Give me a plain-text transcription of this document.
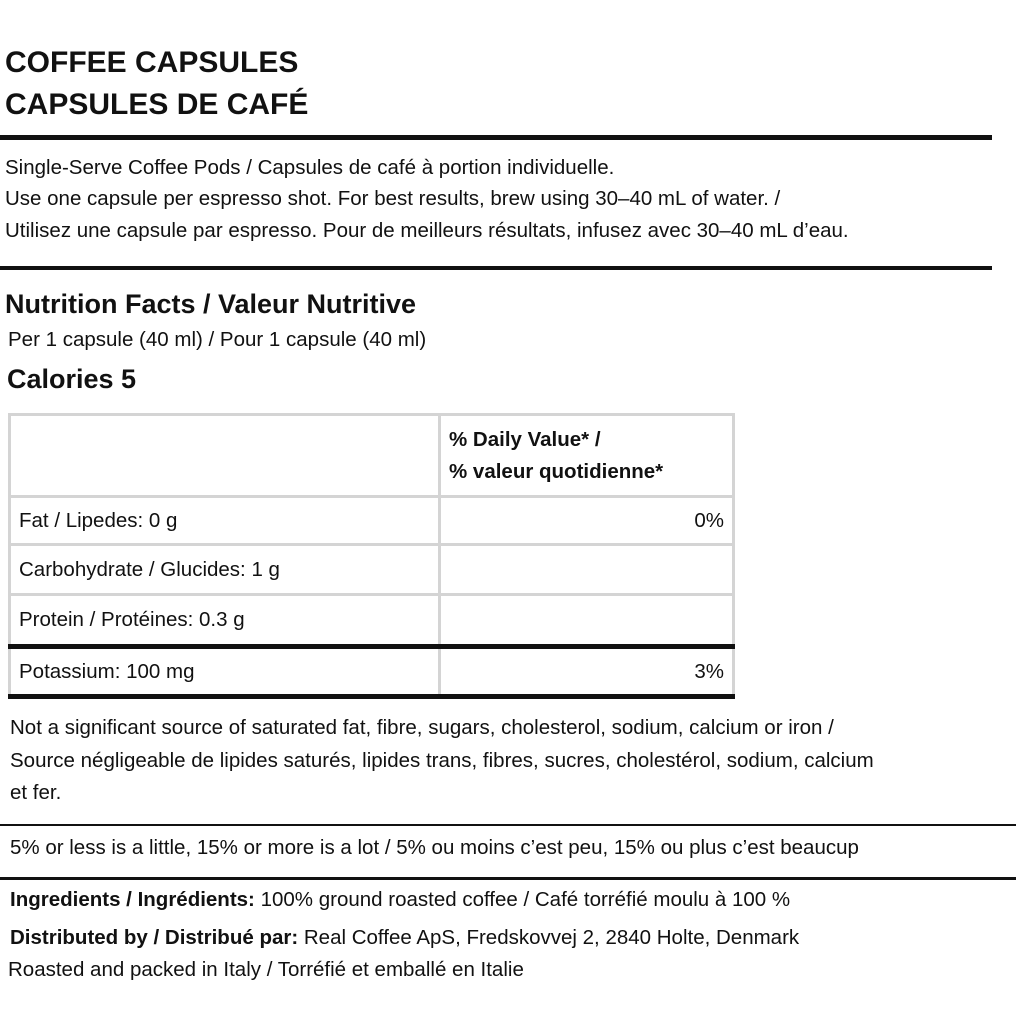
COFFEE CAPSULES
CAPSULES DE CAFÉ
Single-Serve Coffee Pods / Capsules de café à portion individuelle.
Use one capsule per espresso shot. For best results, brew using 30–40 mL of water. /
Utilisez une capsule par espresso. Pour de meilleurs résultats, infusez avec 30–40 mL d’eau.
Nutrition Facts / Valeur Nutritive
Per 1 capsule (40 ml) / Pour 1 capsule (40 ml)
Calories 5
	% Daily Value* /
% valeur quotidienne*
Fat / Lipedes: 0 g	0%
Carbohydrate / Glucides: 1 g	
Protein / Protéines: 0.3 g	
Potassium: 100 mg	3%
Not a significant source of saturated fat, fibre, sugars, cholesterol, sodium, calcium or iron /
Source négligeable de lipides saturés, lipides trans, fibres, sucres, cholestérol, sodium, calcium
et fer.
5% or less is a little, 15% or more is a lot / 5% ou moins c’est peu, 15% ou plus c’est beaucup
Ingredients / Ingrédients: 100% ground roasted coffee / Café torréfié moulu à 100 %
Distributed by / Distribué par: Real Coffee ApS, Fredskovvej 2, 2840 Holte, Denmark
Roasted and packed in Italy / Torréfié et emballé en Italie
